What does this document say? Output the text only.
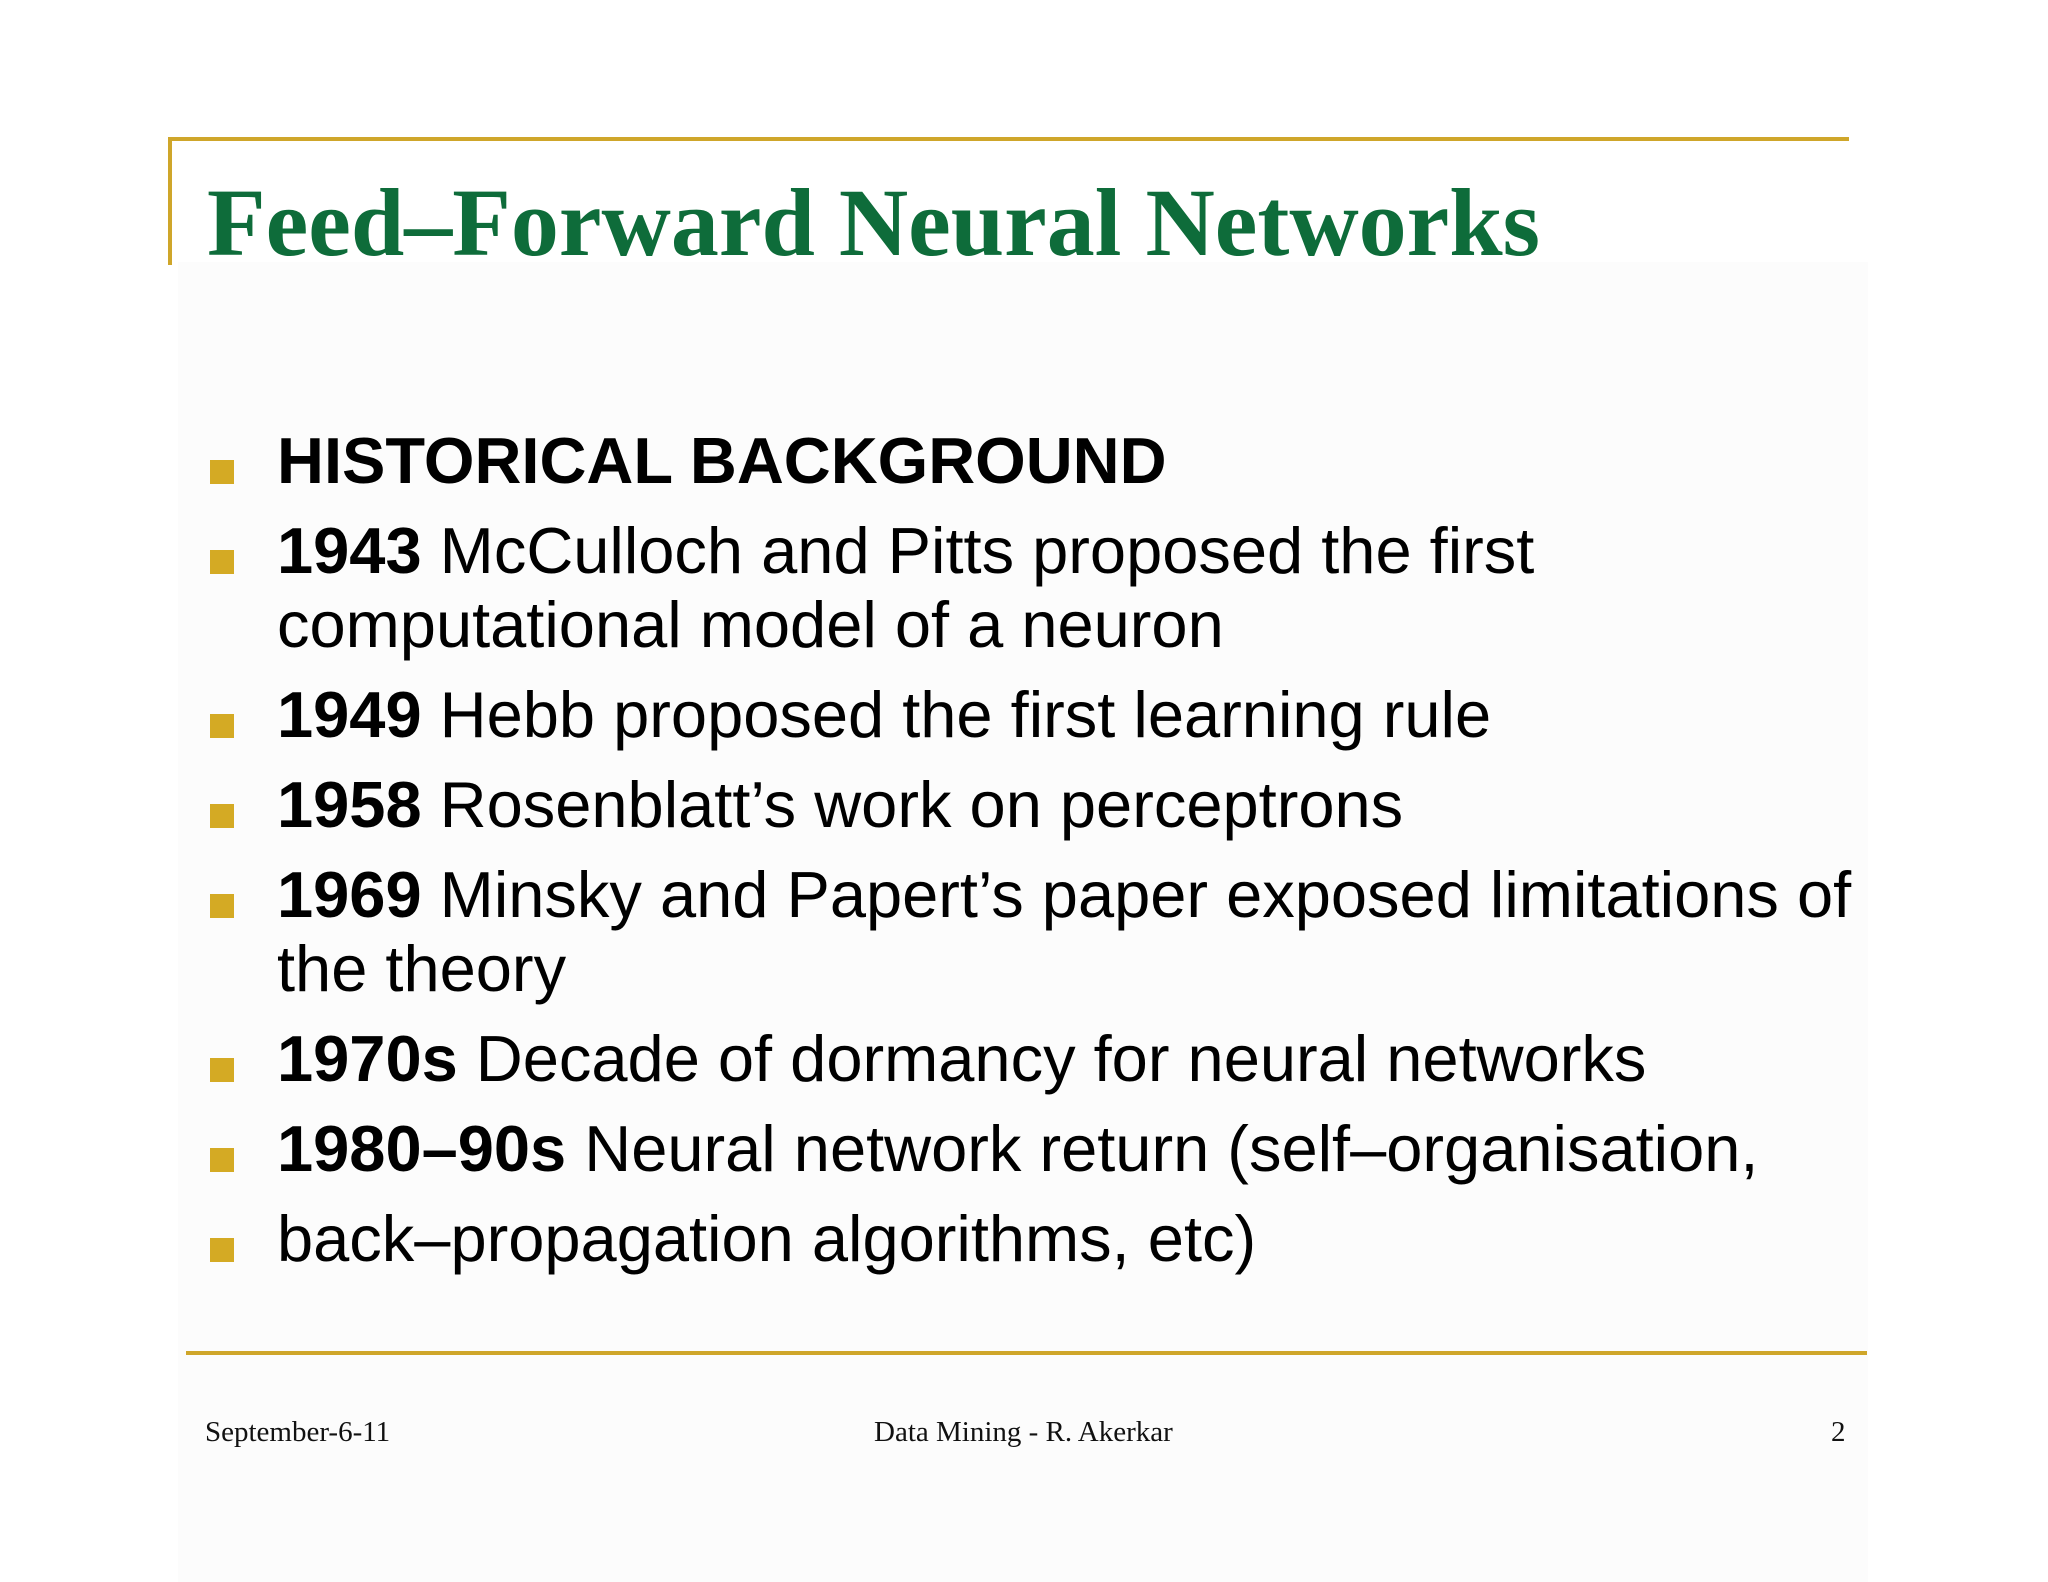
Feed–Forward Neural Networks
HISTORICAL BACKGROUND
1943 McCulloch and Pitts proposed the first computational model of a neuron
1949 Hebb proposed the first learning rule
1958 Rosenblatt’s work on perceptrons
1969 Minsky and Papert’s paper exposed limitations of the theory
1970s Decade of dormancy for neural networks
1980–90s Neural network return (self–organisation,
back–propagation algorithms, etc)
September-6-11	Data Mining - R. Akerkar	2
